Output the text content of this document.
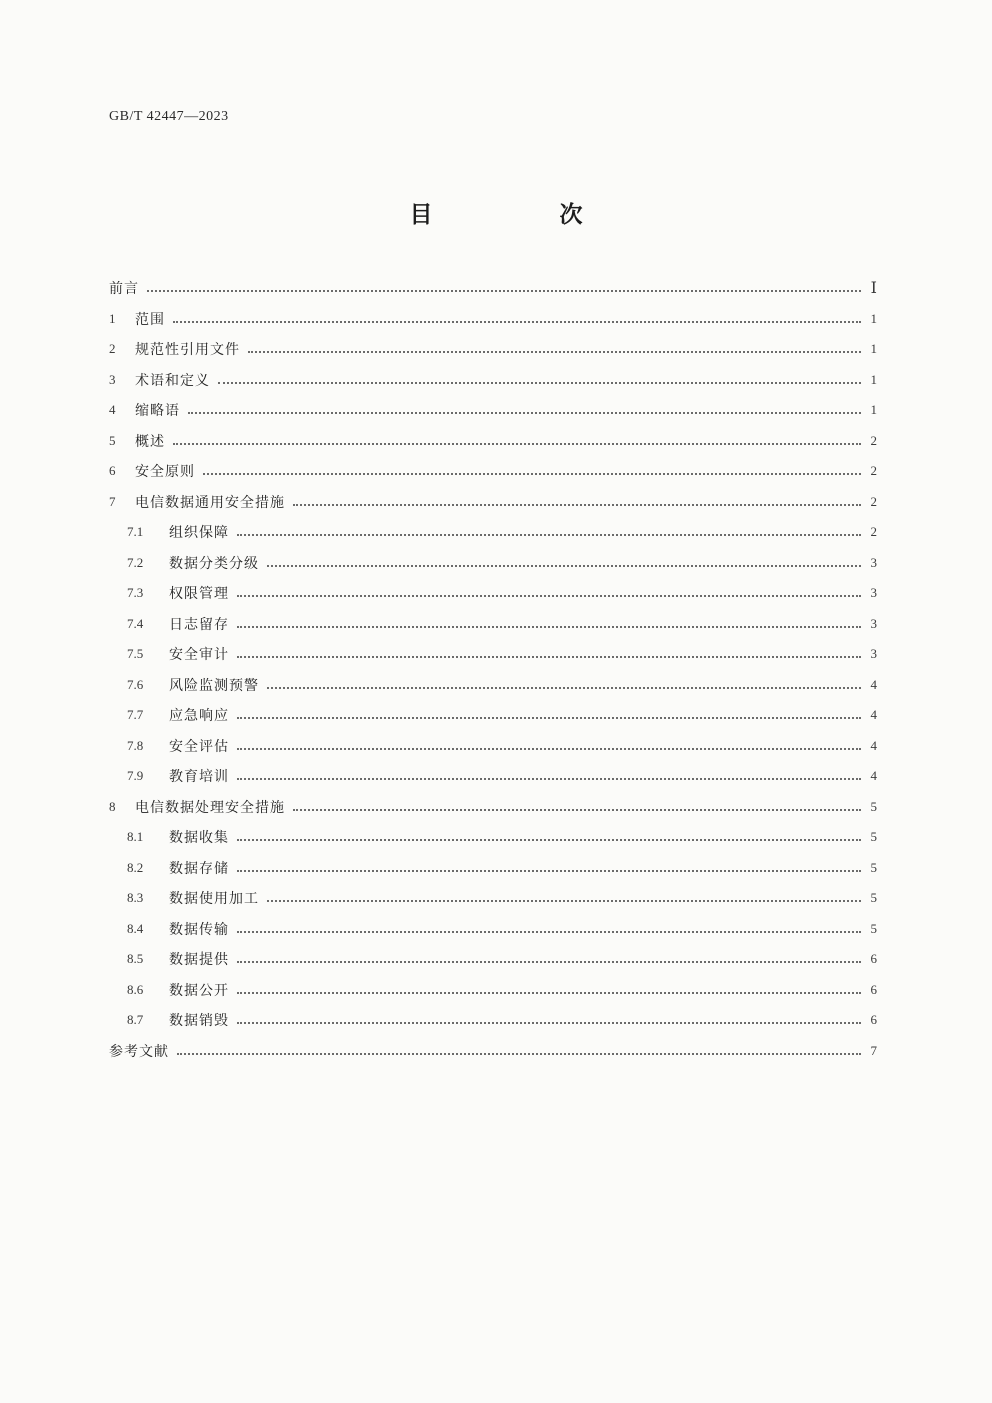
GB/T 42447—2023
目　次
前言	Ⅰ
1	范围	1
2	规范性引用文件	1
3	术语和定义	1
4	缩略语	1
5	概述	2
6	安全原则	2
7	电信数据通用安全措施	2
7.1	组织保障	2
7.2	数据分类分级	3
7.3	权限管理	3
7.4	日志留存	3
7.5	安全审计	3
7.6	风险监测预警	4
7.7	应急响应	4
7.8	安全评估	4
7.9	教育培训	4
8	电信数据处理安全措施	5
8.1	数据收集	5
8.2	数据存储	5
8.3	数据使用加工	5
8.4	数据传输	5
8.5	数据提供	6
8.6	数据公开	6
8.7	数据销毁	6
参考文献	7
